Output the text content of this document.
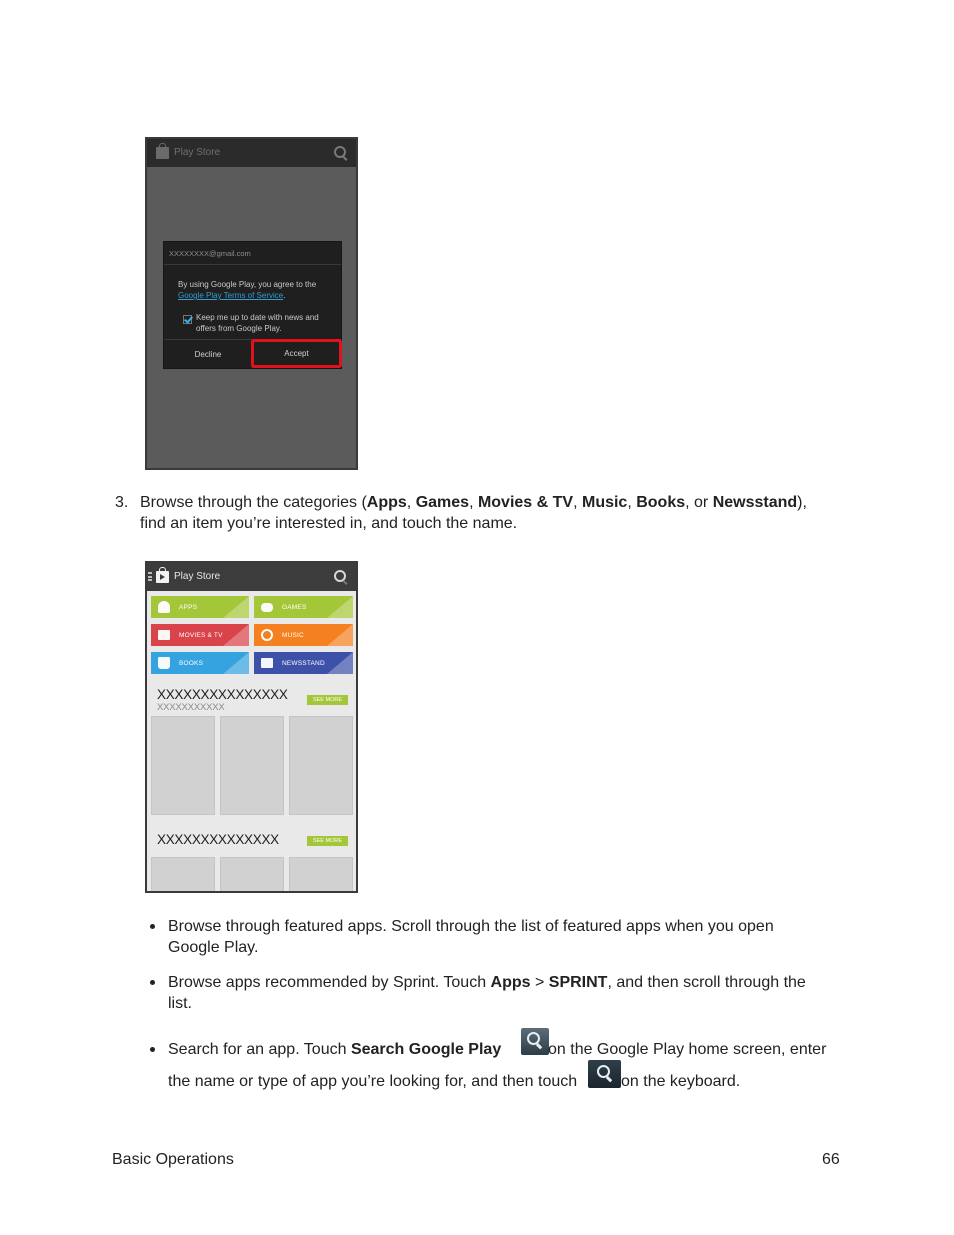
Play Store
XXXXXXXX@gmail.com
By using Google Play, you agree to the Google Play Terms of Service.
Keep me up to date with news and offers from Google Play.
Decline	Accept
3. Browse through the categories (Apps, Games, Movies & TV, Music, Books, or Newsstand),
find an item you’re interested in, and touch the name.
Play Store
APPS	GAMES
MOVIES & TV	MUSIC
BOOKS	NEWSSTAND
XXXXXXXXXXXXXXX
XXXXXXXXXXX
SEE MORE
XXXXXXXXXXXXXX	SEE MORE
Browse through featured apps. Scroll through the list of featured apps when you open
Google Play.
Browse apps recommended by Sprint. Touch Apps > SPRINT, and then scroll through the
list.
Search for an app. Touch Search Google Play	on the Google Play home screen, enter
the name or type of app you’re looking for, and then touch	on the keyboard.
Basic Operations	66
